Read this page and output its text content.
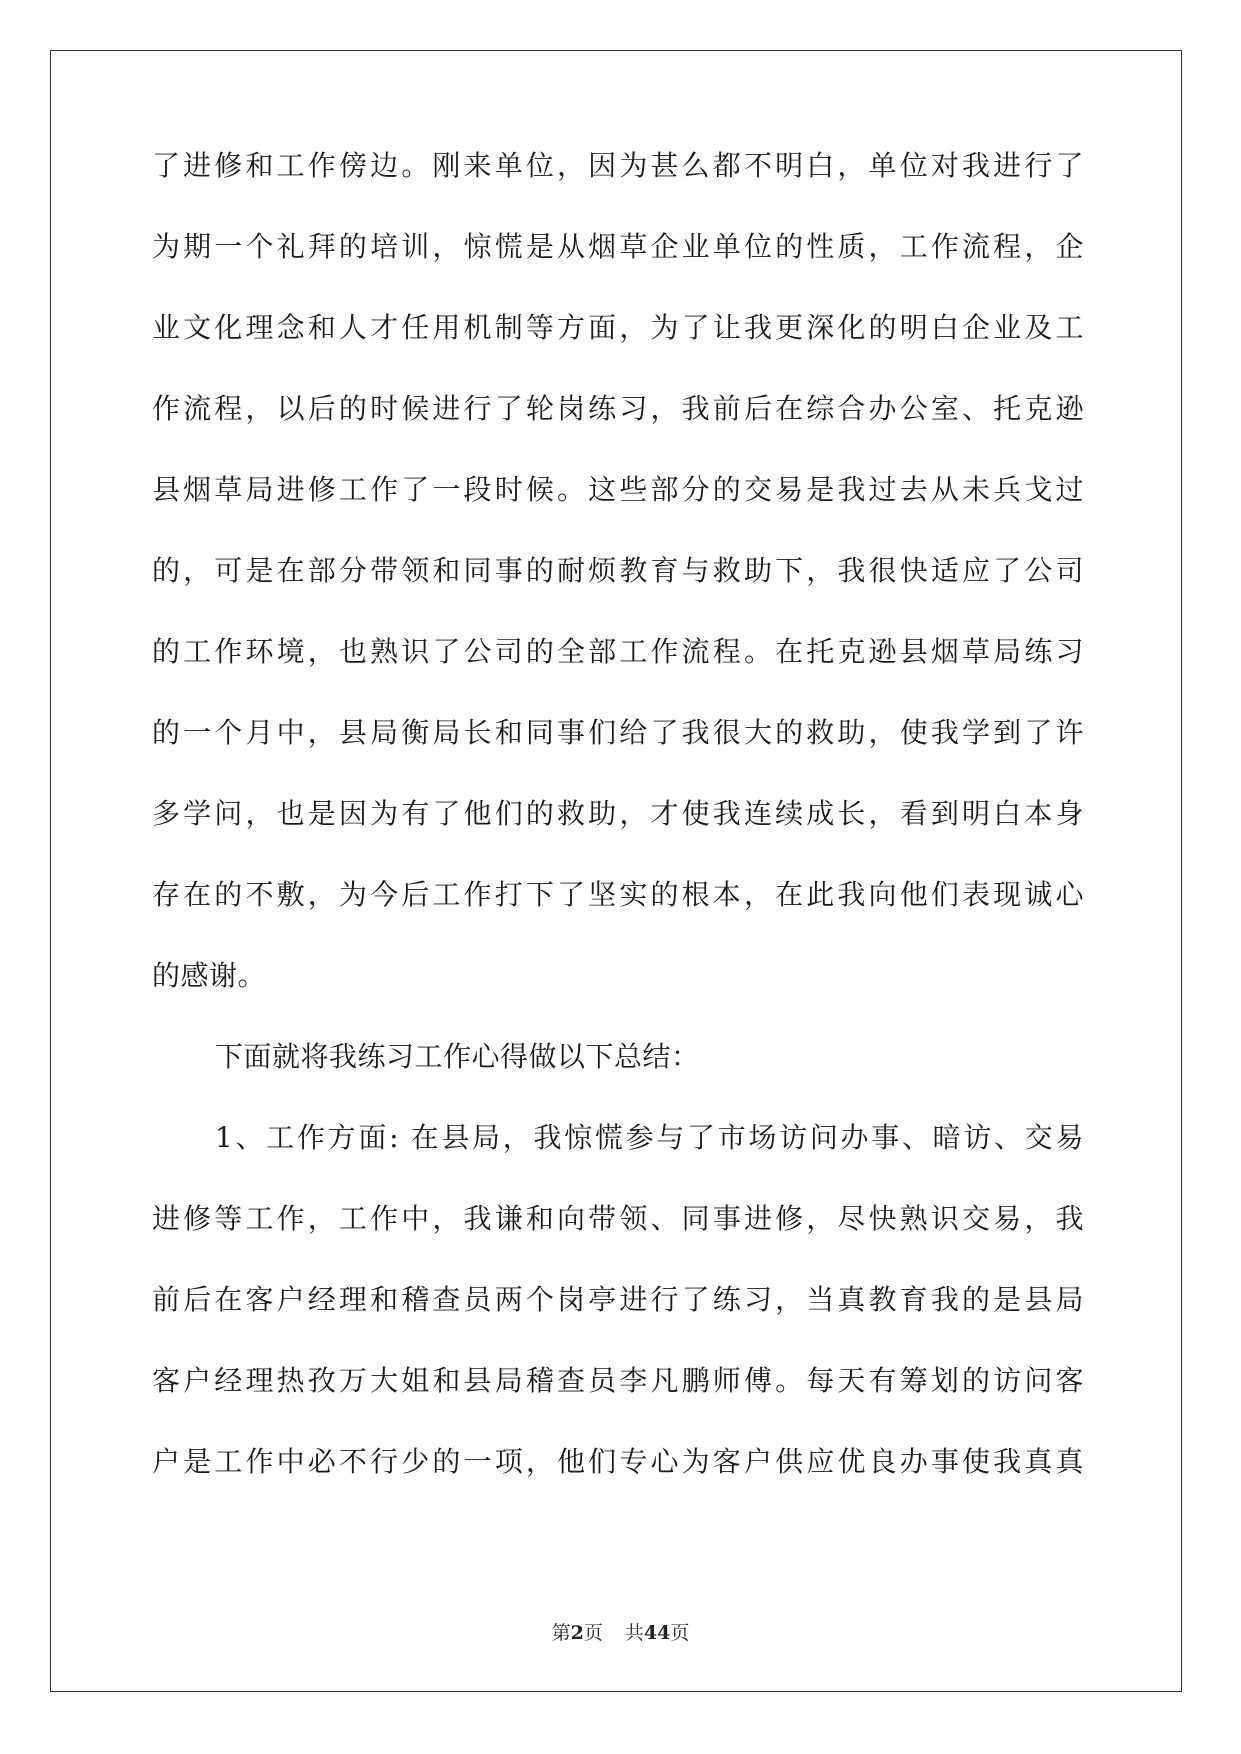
了进修和工作傍边。刚来单位，因为甚么都不明白，单位对我进行了
为期一个礼拜的培训，惊慌是从烟草企业单位的性质，工作流程，企
业文化理念和人才任用机制等方面，为了让我更深化的明白企业及工
作流程，以后的时候进行了轮岗练习，我前后在综合办公室、托克逊
县烟草局进修工作了一段时候。这些部分的交易是我过去从未兵戈过
的，可是在部分带领和同事的耐烦教育与救助下，我很快适应了公司
的工作环境，也熟识了公司的全部工作流程。在托克逊县烟草局练习
的一个月中，县局衡局长和同事们给了我很大的救助，使我学到了许
多学问，也是因为有了他们的救助，才使我连续成长，看到明白本身
存在的不敷，为今后工作打下了坚实的根本，在此我向他们表现诚心
的感谢。
下面就将我练习工作心得做以下总结：
1、工作方面: 在县局，我惊慌参与了市场访问办事、暗访、交易
进修等工作，工作中，我谦和向带领、同事进修，尽快熟识交易，我
前后在客户经理和稽查员两个岗亭进行了练习，当真教育我的是县局
客户经理热孜万大姐和县局稽查员李凡鹏师傅。每天有筹划的访问客
户是工作中必不行少的一项，他们专心为客户供应优良办事使我真真
第2页 共44页
